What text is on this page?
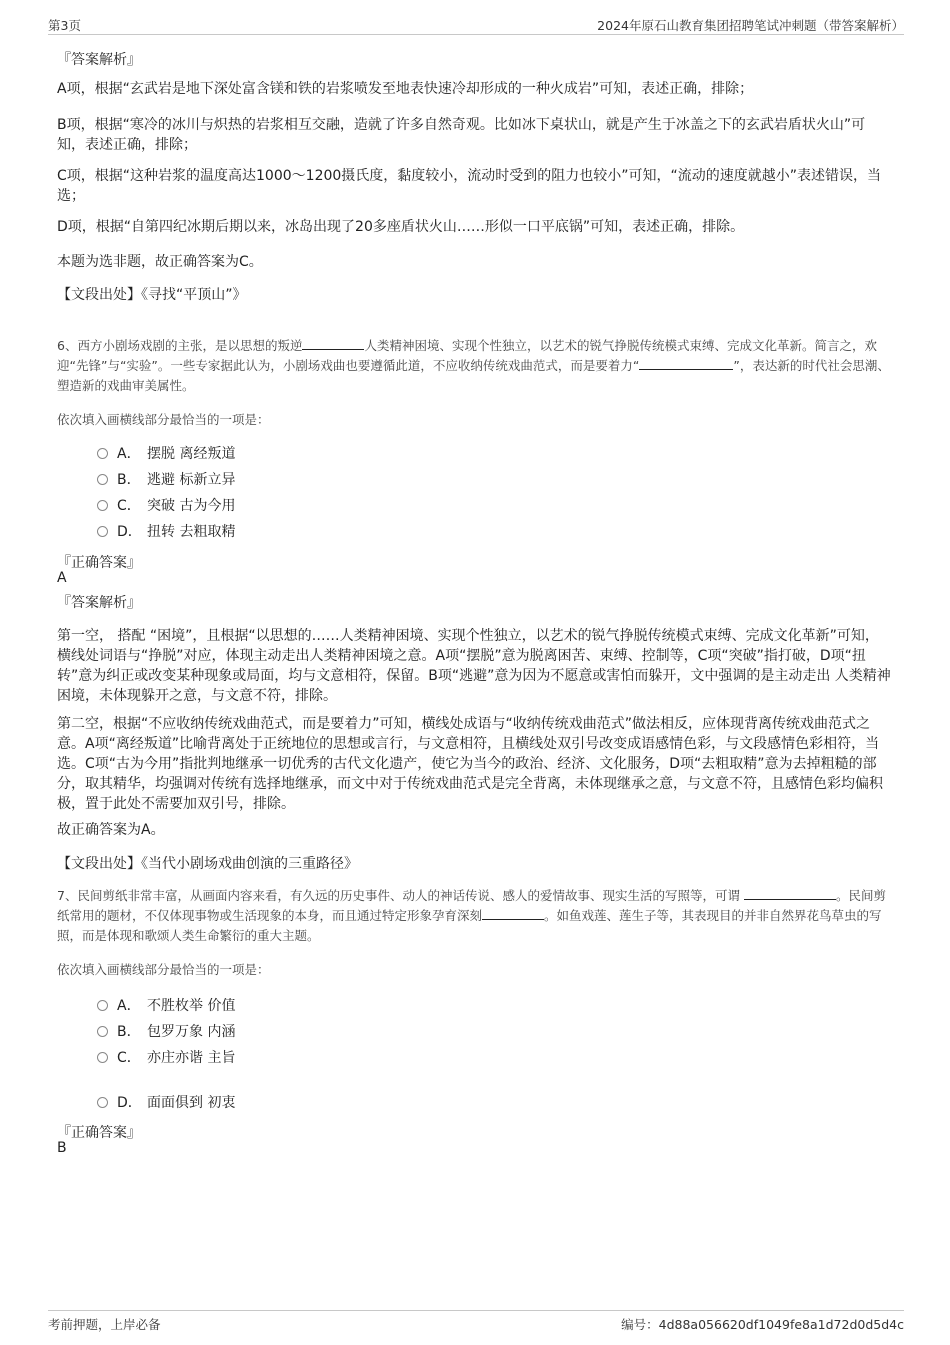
第3页	2024年原石山教育集团招聘笔试冲刺题（带答案解析）
『答案解析』
A项，根据“玄武岩是地下深处富含镁和铁的岩浆喷发至地表快速冷却形成的一种火成岩”可知，表述正确，排除；
B项，根据“寒冷的冰川与炽热的岩浆相互交融，造就了许多自然奇观。比如冰下桌状山，就是产生于冰盖之下的玄武岩盾状火山”可知，表述正确，排除；
C项，根据“这种岩浆的温度高达1000～1200摄氏度，黏度较小，流动时受到的阻力也较小”可知，“流动的速度就越小”表述错误，当选；
D项，根据“自第四纪冰期后期以来，冰岛出现了20多座盾状火山……形似一口平底锅”可知，表述正确，排除。
本题为选非题，故正确答案为C。
【文段出处】《寻找“平顶山”》
6、西方小剧场戏剧的主张，是以思想的叛逆	人类精神困境、实现个性独立，以艺术的锐气挣脱传统模式束缚、完成文化革新。简言之，欢迎“先锋”与“实验”。一些专家据此认为，小剧场戏曲也要遵循此道，不应收纳传统戏曲范式，而是要着力“	”，表达新的时代社会思潮、塑造新的戏曲审美属性。
依次填入画横线部分最恰当的一项是：
A． 摆脱 离经叛道
B． 逃避 标新立异
C． 突破 古为今用
D． 扭转 去粗取精
『正确答案』
A
『答案解析』
第一空， 搭配 “困境”，且根据“以思想的……人类精神困境、实现个性独立，以艺术的锐气挣脱传统模式束缚、完成文化革新”可知， 横线处词语与“挣脱”对应，体现主动走出人类精神困境之意。A项“摆脱”意为脱离困苦、束缚、控制等，C项“突破”指打破，D项“扭转”意为纠正或改变某种现象或局面，均与文意相符，保留。B项“逃避”意为因为不愿意或害怕而躲开，文中强调的是主动走出 人类精神 困境，未体现躲开之意，与文意不符，排除。
第二空，根据“不应收纳传统戏曲范式，而是要着力”可知，横线处成语与“收纳传统戏曲范式”做法相反，应体现背离传统戏曲范式之意。A项“离经叛道”比喻背离处于正统地位的思想或言行，与文意相符，且横线处双引号改变成语感情色彩，与文段感情色彩相符，当选。C项“古为今用”指批判地继承一切优秀的古代文化遗产，使它为当今的政治、经济、文化服务，D项“去粗取精”意为去掉粗糙的部分，取其精华，均强调对传统有选择地继承，而文中对于传统戏曲范式是完全背离，未体现继承之意，与文意不符，且感情色彩均偏积极，置于此处不需要加双引号，排除。
故正确答案为A。
【文段出处】《当代小剧场戏曲创演的三重路径》
7、民间剪纸非常丰富，从画面内容来看，有久远的历史事件、动人的神话传说、感人的爱情故事、现实生活的写照等，可谓	。民间剪纸常用的题材，不仅体现事物或生活现象的本身，而且通过特定形象孕育深刻	。如鱼戏莲、莲生子等，其表现目的并非自然界花鸟草虫的写照，而是体现和歌颂人类生命繁衍的重大主题。
依次填入画横线部分最恰当的一项是：
A． 不胜枚举 价值
B． 包罗万象 内涵
C． 亦庄亦谐 主旨
D． 面面俱到 初衷
『正确答案』
B
考前押题，上岸必备	编号：4d88a056620df1049fe8a1d72d0d5d4c
